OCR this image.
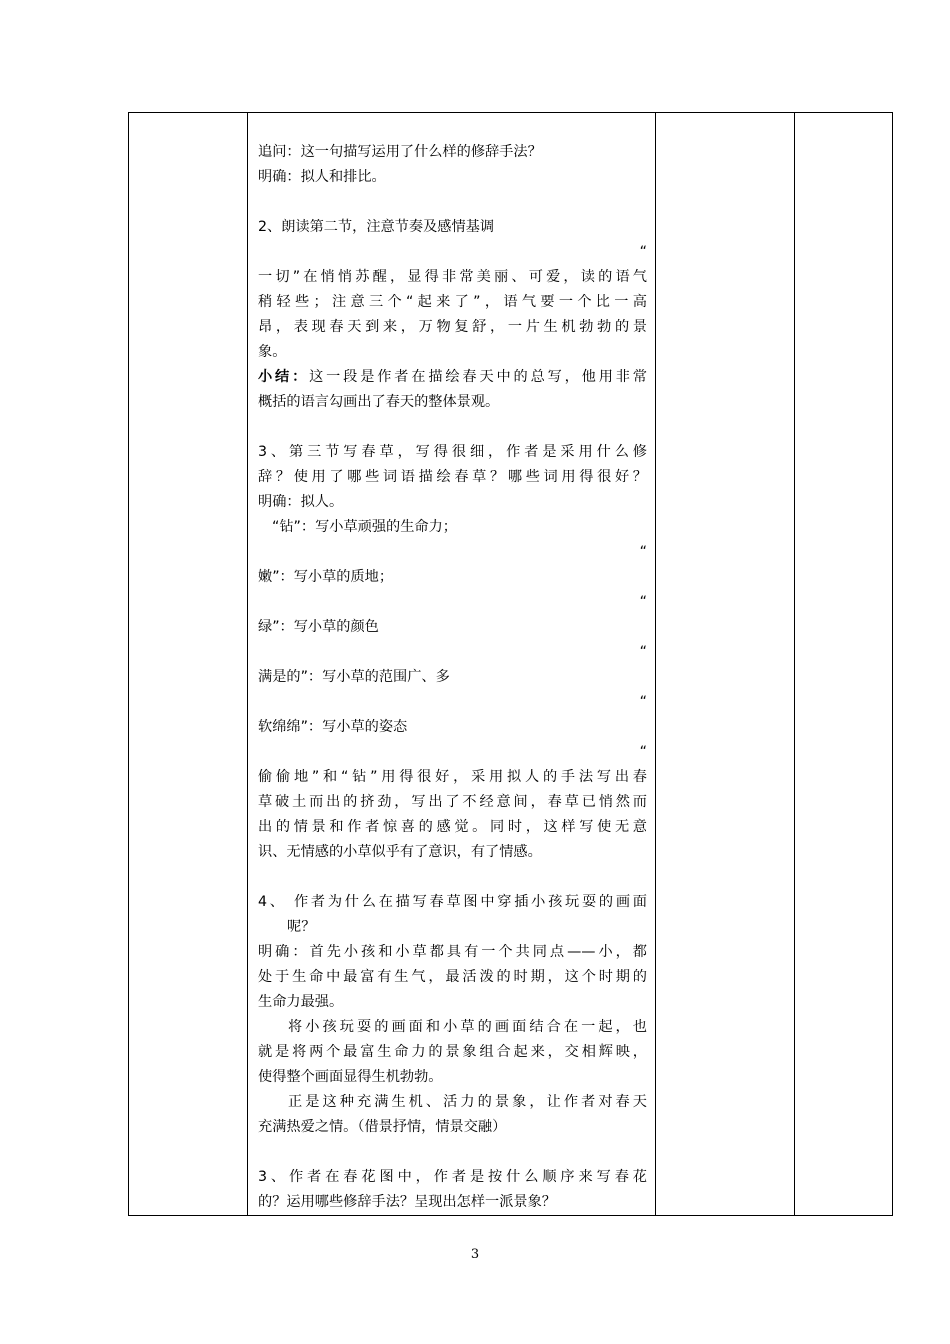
追问：这一句描写运用了什么样的修辞手法？
明确：拟人和排比。
2、朗读第二节，注意节奏及感情基调
“
一切”在悄悄苏醒，显得非常美丽、可爱，读的语气
稍轻些；注意三个“起来了”，语气要一个比一高
昂，表现春天到来，万物复舒，一片生机勃勃的景
象。
小结：这一段是作者在描绘春天中的总写，他用非常
概括的语言勾画出了春天的整体景观。
3、第三节写春草，写得很细，作者是采用什么修
辞？使用了哪些词语描绘春草？哪些词用得很好？
明确：拟人。
“钻”：写小草顽强的生命力；
“
嫩”：写小草的质地；
“
绿”：写小草的颜色
“
满是的”：写小草的范围广、多
“
软绵绵”：写小草的姿态
“
偷偷地”和“钻”用得很好，采用拟人的手法写出春
草破土而出的挤劲，写出了不经意间，春草已悄然而
出的情景和作者惊喜的感觉。同时，这样写使无意
识、无情感的小草似乎有了意识，有了情感。
4、 作者为什么在描写春草图中穿插小孩玩耍的画面
呢？
明确：首先小孩和小草都具有一个共同点——小，都
处于生命中最富有生气，最活泼的时期，这个时期的
生命力最强。
将小孩玩耍的画面和小草的画面结合在一起，也
就是将两个最富生命力的景象组合起来，交相辉映，
使得整个画面显得生机勃勃。
正是这种充满生机、活力的景象，让作者对春天
充满热爱之情。（借景抒情，情景交融）
3、作者在春花图中，作者是按什么顺序来写春花
的？运用哪些修辞手法？呈现出怎样一派景象？

3
